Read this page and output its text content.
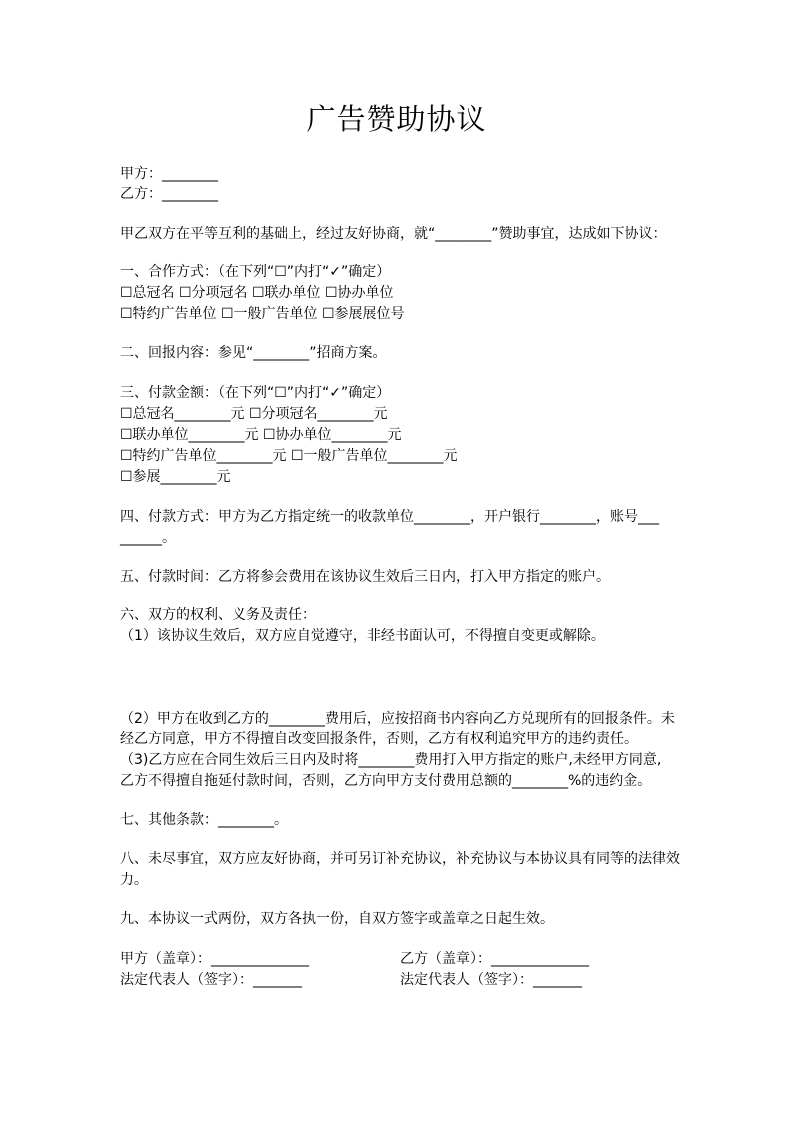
广告赞助协议
甲方：________
乙方：________
甲乙双方在平等互利的基础上，经过友好协商，就“________”赞助事宜，达成如下协议：
一、合作方式：（在下列“☐”内打“✓”确定）
☐总冠名 ☐分项冠名 ☐联办单位 ☐协办单位
☐特约广告单位 ☐一般广告单位 ☐参展展位号
二、回报内容：参见“________”招商方案。
三、付款金额：（在下列“☐”内打“✓”确定）
☐总冠名________元 ☐分项冠名________元
☐联办单位________元 ☐协办单位________元
☐特约广告单位________元 ☐一般广告单位________元
☐参展________元
四、付款方式：甲方为乙方指定统一的收款单位________，开户银行________，账号___
______。
五、付款时间：乙方将参会费用在该协议生效后三日内，打入甲方指定的账户。
六、双方的权利、义务及责任：
（1）该协议生效后，双方应自觉遵守，非经书面认可，不得擅自变更或解除。
（2）甲方在收到乙方的________费用后，应按招商书内容向乙方兑现所有的回报条件。未
经乙方同意，甲方不得擅自改变回报条件，否则，乙方有权利追究甲方的违约责任。
（3)乙方应在合同生效后三日内及时将________费用打入甲方指定的账户,未经甲方同意,
乙方不得擅自拖延付款时间，否则，乙方向甲方支付费用总额的________%的违约金。
七、其他条款：________。
八、未尽事宜，双方应友好协商，并可另订补充协议，补充协议与本协议具有同等的法律效
力。
九、本协议一式两份，双方各执一份，自双方签字或盖章之日起生效。
甲方（盖章）：______________
法定代表人（签字）：_______
乙方（盖章）：______________
法定代表人（签字）：_______
